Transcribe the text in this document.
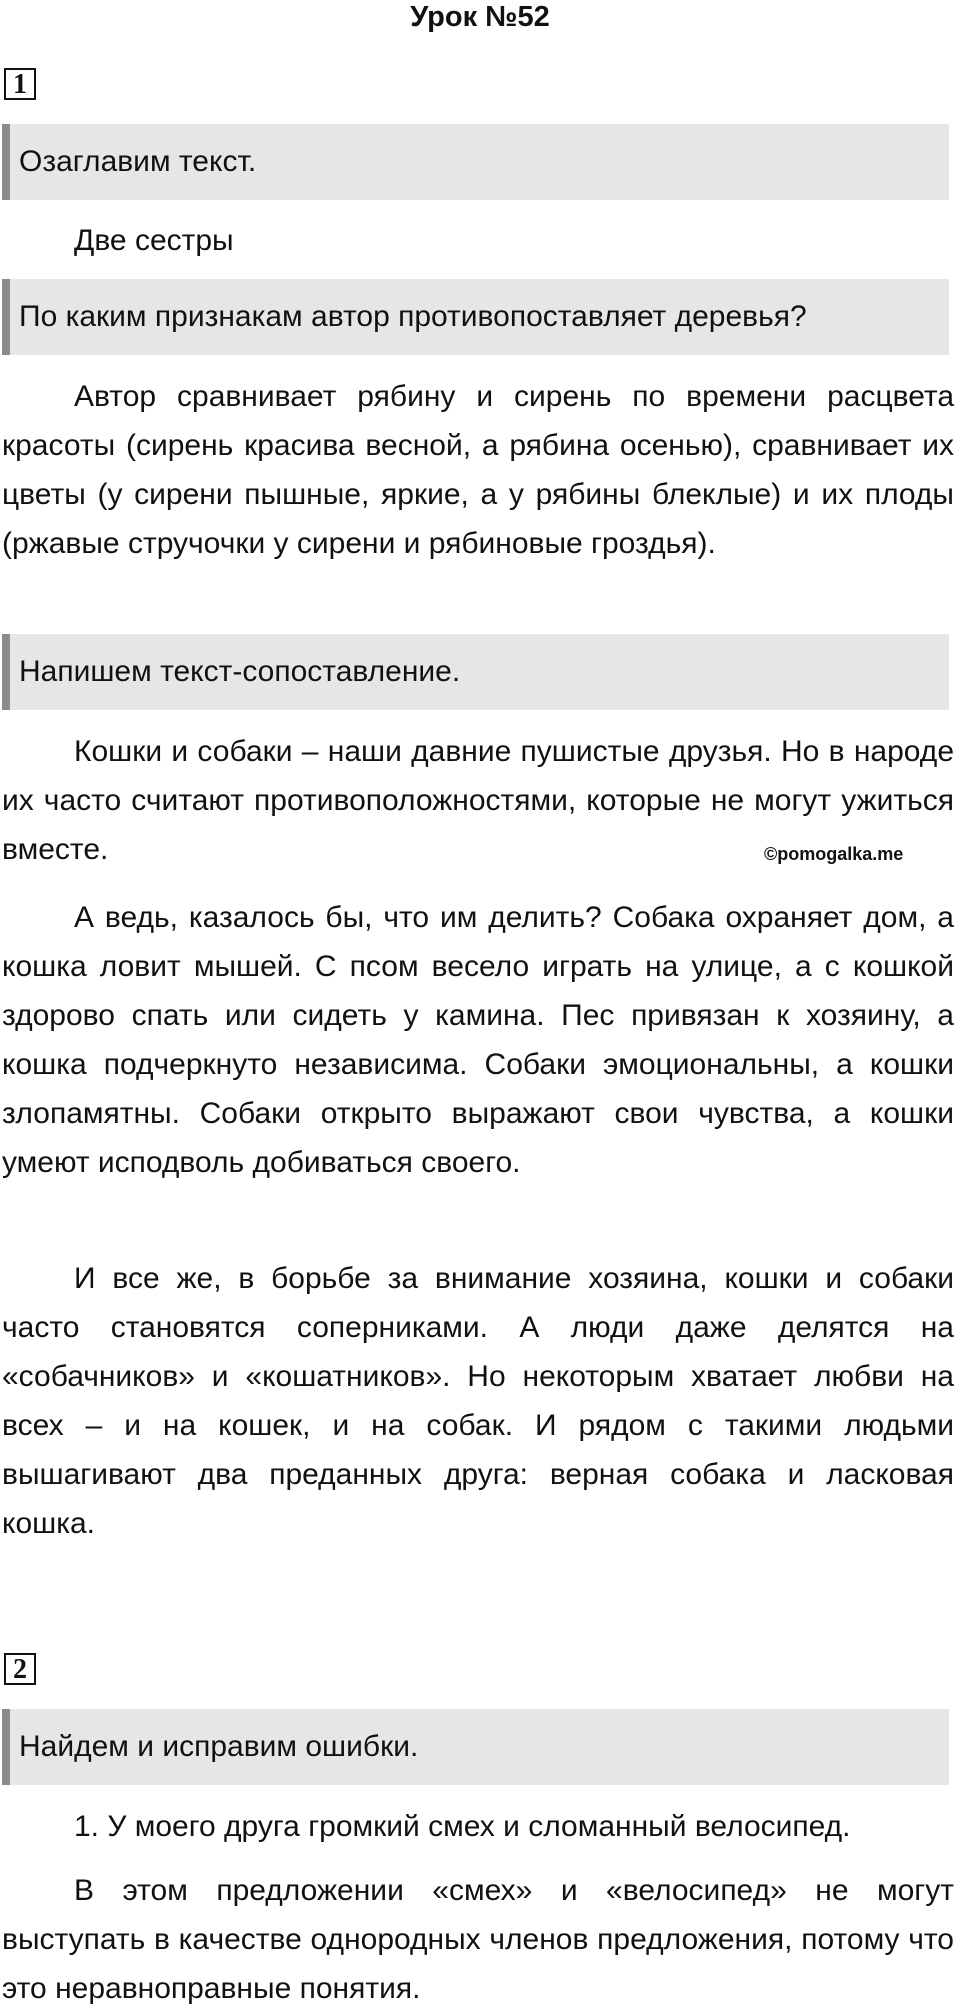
Урок №52
1
Озаглавим текст.
Две сестры
По каким признакам автор противопоставляет деревья?

Автор сравнивает рябину и сирень по времени расцвета красоты (сирень красива весной, а рябина осенью), сравнивает их цветы (у сирени пышные, яркие, а у рябины блеклые) и их плоды (ржавые стручочки у сирени и рябиновые гроздья).

Напишем текст-сопоставление.

Кошки и собаки – наши давние пушистые друзья. Но в народе их часто считают противоположностями, которые не могут ужиться вместе.	©pomogalka.me

А ведь, казалось бы, что им делить? Собака охраняет дом, а кошка ловит мышей. С псом весело играть на улице, а с кошкой здорово спать или сидеть у камина. Пес привязан к хозяину, а кошка подчеркнуто независима. Собаки эмоциональны, а кошки злопамятны. Собаки открыто выражают свои чувства, а кошки умеют исподволь добиваться своего.

И все же, в борьбе за внимание хозяина, кошки и собаки часто становятся соперниками. А люди даже делятся на «собачников» и «кошатников». Но некоторым хватает любви на всех – и на кошек, и на собак. И рядом с такими людьми вышагивают два преданных друга: верная собака и ласковая кошка.

2
Найдем и исправим ошибки.
1. У моего друга громкий смех и сломанный велосипед.

В этом предложении «смех» и «велосипед» не могут выступать в качестве однородных членов предложения, потому что это неравноправные понятия.
